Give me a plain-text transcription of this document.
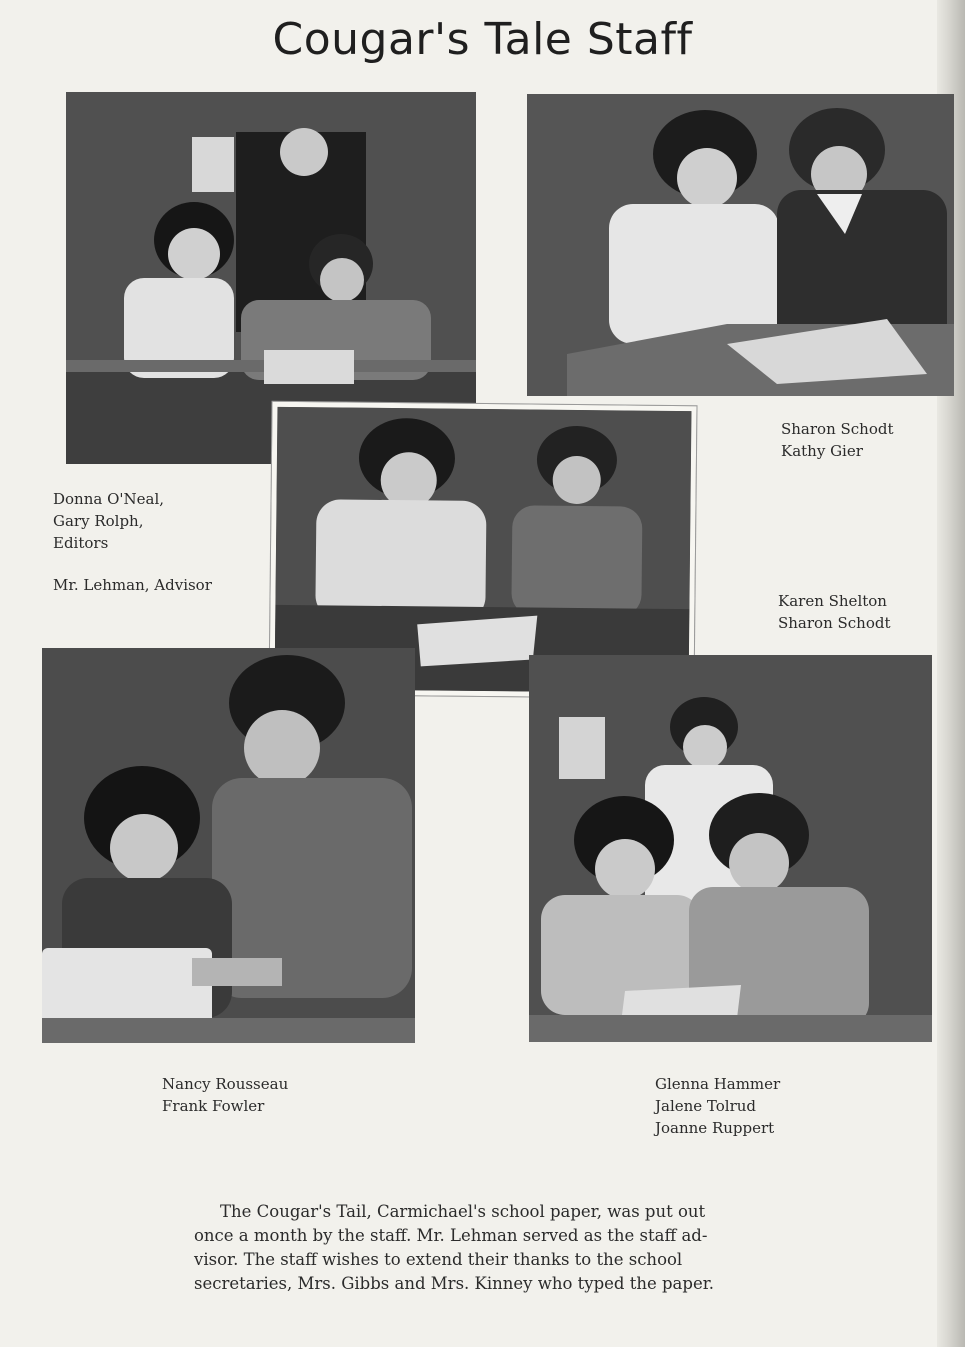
Cougar's Tale Staff
Donna O'Neal,
Gary Rolph,
Editors
Mr. Lehman, Advisor
Sharon Schodt
Kathy Gier
Karen Shelton
Sharon Schodt
Nancy Rousseau
Frank Fowler
Glenna Hammer
Jalene Tolrud
Joanne Ruppert
The Cougar's Tail, Carmichael's school paper, was put out
once a month by the staff. Mr. Lehman served as the staff ad-
visor. The staff wishes to extend their thanks to the school
secretaries, Mrs. Gibbs and Mrs. Kinney who typed the paper.
